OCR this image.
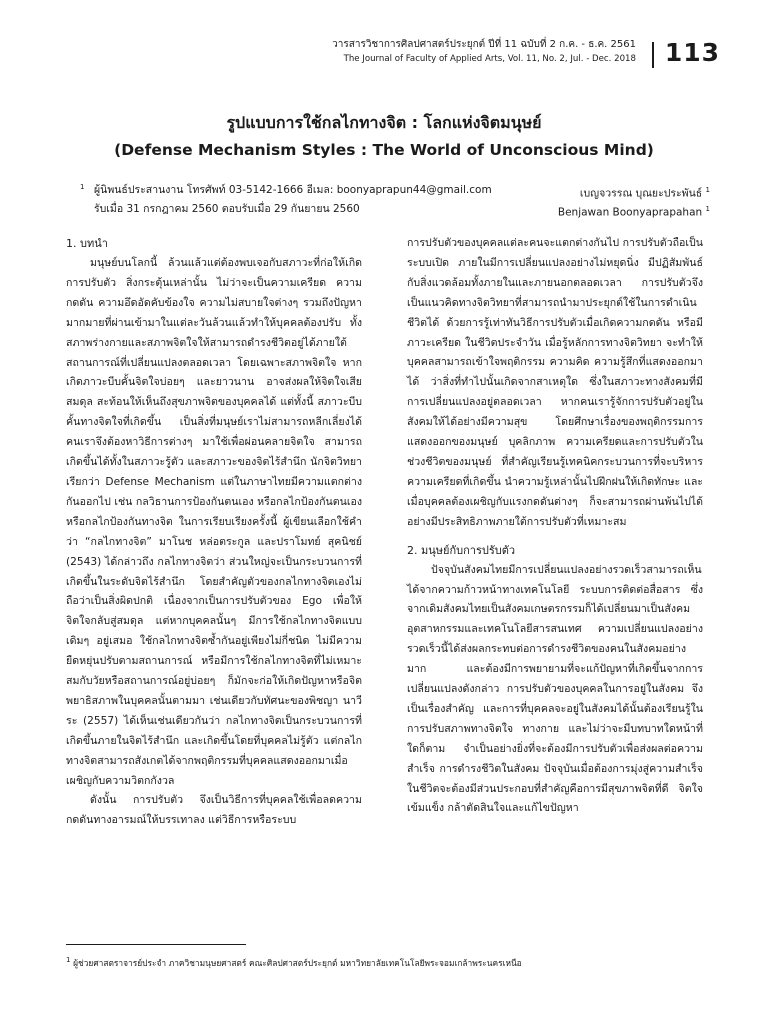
วารสารวิชาการศิลปศาสตร์ประยุกต์ ปีที่ 11 ฉบับที่ 2 ก.ค. - ธ.ค. 2561
The Journal of Faculty of Applied Arts, Vol. 11, No. 2, Jul. - Dec. 2018 113
รูปแบบการใช้กลไกทางจิต : โลกแห่งจิตมนุษย์
(Defense Mechanism Styles : The World of Unconscious Mind)
1 ผู้นิพนธ์ประสานงาน โทรศัพท์ 03-5142-1666 อีเมล: boonyaprapun44@gmail.com
รับเมื่อ 31 กรกฎาคม 2560 ตอบรับเมื่อ 29 กันยายน 2560
เบญจวรรณ บุณยะประพันธ์ $^1$
Benjawan Boonyaprapahan $^1$
1. บทนำ

มนุษย์บนโลกนี้ ล้วนแล้วแต่ต้องพบเจอกับสภาวะที่ก่อให้เกิดการปรับตัว สิ่งกระตุ้นเหล่านั้น ไม่ว่าจะเป็นความเครียด ความกดดัน ความอึดอัดคับข้องใจ ความไม่สบายใจต่างๆ รวมถึงปัญหามากมายที่ผ่านเข้ามาในแต่ละวันล้วนแล้วทำให้บุคคลต้องปรับ ทั้งสภาพร่างกายและสภาพจิตใจให้สามารถดำรงชีวิตอยู่ได้ภายใต้สถานการณ์ที่เปลี่ยนแปลงตลอดเวลา โดยเฉพาะสภาพจิตใจ หากเกิดภาวะบีบคั้นจิตใจบ่อยๆ และยาวนาน อาจส่งผลให้จิตใจเสียสมดุล สะท้อนให้เห็นถึงสุขภาพจิตของบุคคลได้ แต่ทั้งนี้ สภาวะบีบคั้นทางจิตใจที่เกิดขึ้น เป็นสิ่งที่มนุษย์เราไม่สามารถหลีกเลี่ยงได้ คนเราจึงต้องหาวิธีการต่างๆ มาใช้เพื่อผ่อนคลายจิตใจ สามารถเกิดขึ้นได้ทั้งในสภาวะรู้ตัว และสภาวะของจิตไร้สำนึก นักจิตวิทยาเรียกว่า Defense Mechanism แต่ในภาษาไทยมีความแตกต่างกันออกไป เช่น กลวิธานการป้องกันตนเอง หรือกลไกป้องกันตนเอง หรือกลไกป้องกันทางจิต ในการเรียบเรียงครั้งนี้ ผู้เขียนเลือกใช้คำว่า “กลไกทางจิต” มาโนช หล่อตระกูล และปราโมทย์ สุคนิชย์ (2543) ได้กล่าวถึง กลไกทางจิตว่า ส่วนใหญ่จะเป็นกระบวนการที่เกิดขึ้นในระดับจิตไร้สำนึก โดยสำคัญตัวของกลไกทางจิตเองไม่ถือว่าเป็นสิ่งผิดปกติ เนื่องจากเป็นการปรับตัวของ Ego เพื่อให้จิตใจกลับสู่สมดุล แต่หากบุคคลนั้นๆ มีการใช้กลไกทางจิตแบบเดิมๆ อยู่เสมอ ใช้กลไกทางจิตซ้ำกันอยู่เพียงไม่กี่ชนิด ไม่มีความยืดหยุ่นปรับตามสถานการณ์ หรือมีการใช้กลไกทางจิตที่ไม่เหมาะสมกับวัยหรือสถานการณ์อยู่บ่อยๆ ก็มักจะก่อให้เกิดปัญหาหรือจิตพยาธิสภาพในบุคคลนั้นตามมา เช่นเดียวกับทัศนะของพิชญา นาวีระ (2557) ได้เห็นเช่นเดียวกันว่า กลไกทางจิตเป็นกระบวนการที่เกิดขึ้นภายในจิตไร้สำนึก และเกิดขึ้นโดยที่บุคคลไม่รู้ตัว แต่กลไกทางจิตสามารถสังเกตได้จากพฤติกรรมที่บุคคลแสดงออกมาเมื่อเผชิญกับความวิตกกังวล

ดังนั้น การปรับตัว จึงเป็นวิธีการที่บุคคลใช้เพื่อลดความกดดันทางอารมณ์ให้บรรเทาลง แต่วิธีการหรือระบบ

การปรับตัวของบุคคลแต่ละคนจะแตกต่างกันไป การปรับตัวถือเป็นระบบเปิด ภายในมีการเปลี่ยนแปลงอย่างไม่หยุดนิ่ง มีปฏิสัมพันธ์กับสิ่งแวดล้อมทั้งภายในและภายนอกตลอดเวลา การปรับตัวจึงเป็นแนวคิดทางจิตวิทยาที่สามารถนำมาประยุกต์ใช้ในการดำเนินชีวิตได้ ด้วยการรู้เท่าทันวิธีการปรับตัวเมื่อเกิดความกดดัน หรือมีภาวะเครียด ในชีวิตประจำวัน เมื่อรู้หลักการทางจิตวิทยา จะทำให้บุคคลสามารถเข้าใจพฤติกรรม ความคิด ความรู้สึกที่แสดงออกมาได้ ว่าสิ่งที่ทำไปนั้นเกิดจากสาเหตุใด ซึ่งในสภาวะทางสังคมที่มีการเปลี่ยนแปลงอยู่ตลอดเวลา หากคนเรารู้จักการปรับตัวอยู่ในสังคมให้ได้อย่างมีความสุข โดยศึกษาเรื่องของพฤติกรรมการแสดงออกของมนุษย์ บุคลิกภาพ ความเครียดและการปรับตัวในช่วงชีวิตของมนุษย์ ที่สำคัญเรียนรู้เทคนิคกระบวนการที่จะบริหารความเครียดที่เกิดขึ้น นำความรู้เหล่านั้นไปฝึกฝนให้เกิดทักษะ และเมื่อบุคคลต้องเผชิญกับแรงกดดันต่างๆ ก็จะสามารถผ่านพ้นไปได้อย่างมีประสิทธิภาพภายใต้การปรับตัวที่เหมาะสม

2. มนุษย์กับการปรับตัว

ปัจจุบันสังคมไทยมีการเปลี่ยนแปลงอย่างรวดเร็วสามารถเห็นได้จากความก้าวหน้าทางเทคโนโลยี ระบบการติดต่อสื่อสาร ซึ่งจากเดิมสังคมไทยเป็นสังคมเกษตรกรรมก็ได้เปลี่ยนมาเป็นสังคมอุตสาหกรรมและเทคโนโลยีสารสนเทศ ความเปลี่ยนแปลงอย่างรวดเร็วนี้ได้ส่งผลกระทบต่อการดำรงชีวิตของคนในสังคมอย่างมาก และต้องมีการพยายามที่จะแก้ปัญหาที่เกิดขึ้นจากการเปลี่ยนแปลงดังกล่าว การปรับตัวของบุคคลในการอยู่ในสังคม จึงเป็นเรื่องสำคัญ และการที่บุคคลจะอยู่ในสังคมได้นั้นต้องเรียนรู้ในการปรับสภาพทางจิตใจ ทางกาย และไม่ว่าจะมีบทบาทใดหน้าที่ใดก็ตาม จำเป็นอย่างยิ่งที่จะต้องมีการปรับตัวเพื่อส่งผลต่อความสำเร็จ การดำรงชีวิตในสังคม ปัจจุบันเมื่อต้องการมุ่งสู่ความสำเร็จในชีวิตจะต้องมีส่วนประกอบที่สำคัญคือการมีสุขภาพจิตที่ดี จิตใจเข้มแข็ง กล้าตัดสินใจและแก้ไขปัญหา

$^1$ ผู้ช่วยศาสตราจารย์ประจำ ภาควิชามนุษยศาสตร์ คณะศิลปศาสตร์ประยุกต์ มหาวิทยาลัยเทคโนโลยีพระจอมเกล้าพระนครเหนือ
